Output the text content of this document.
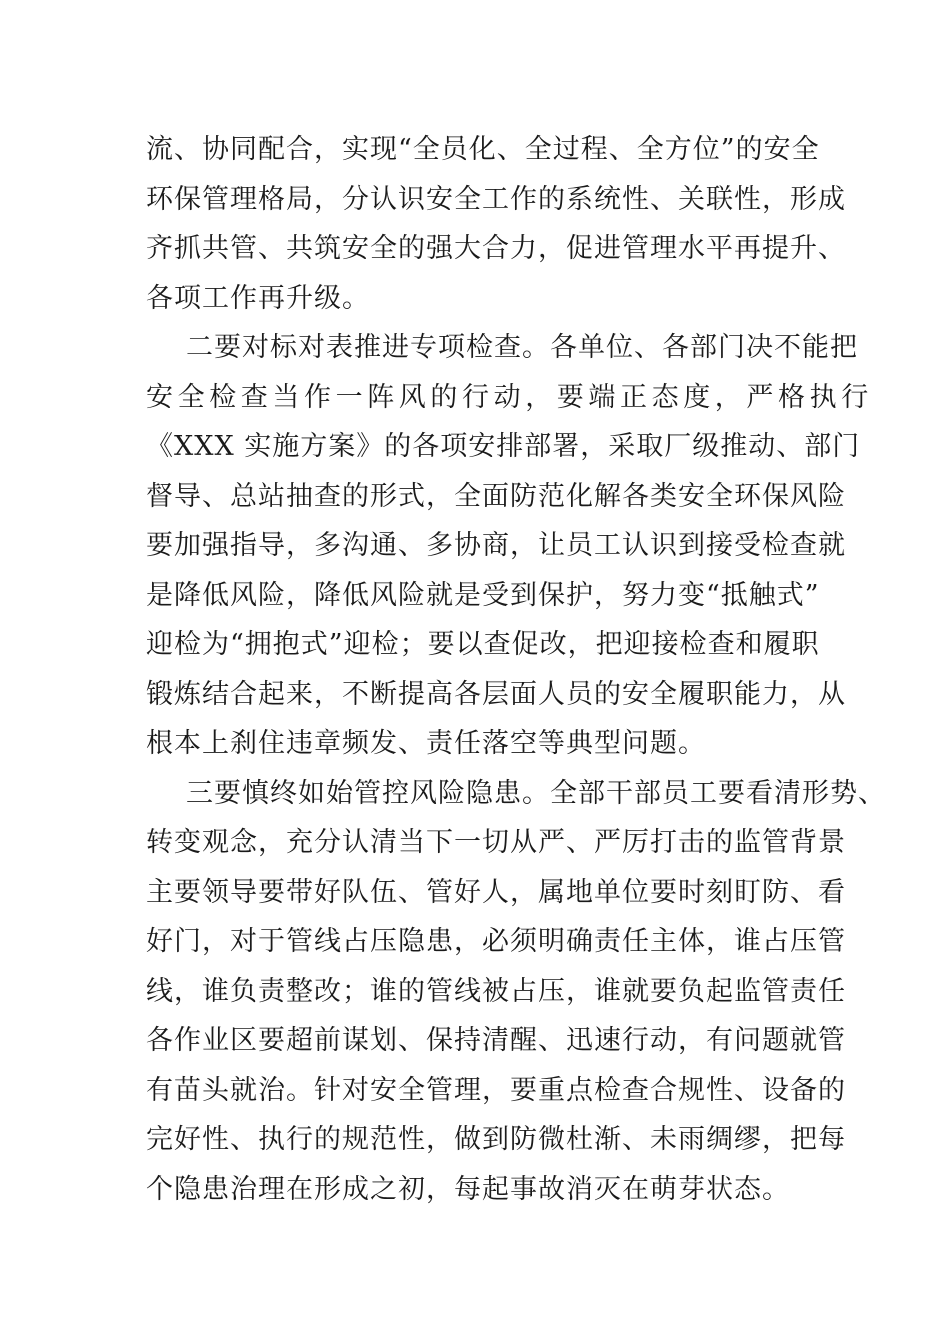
流、协同配合，实现“全员化、全过程、全方位”的安全
环保管理格局，分认识安全工作的系统性、关联性，形成
齐抓共管、共筑安全的强大合力，促进管理水平再提升、
各项工作再升级。
二要对标对表推进专项检查。各单位、各部门决不能把
安全检查当作一阵风的行动，要端正态度，严格执行
《XXX 实施方案》的各项安排部署，采取厂级推动、部门
督导、总站抽查的形式，全面防范化解各类安全环保风险
要加强指导，多沟通、多协商，让员工认识到接受检查就
是降低风险，降低风险就是受到保护，努力变“抵触式”
迎检为“拥抱式”迎检；要以查促改，把迎接检查和履职
锻炼结合起来，不断提高各层面人员的安全履职能力，从
根本上刹住违章频发、责任落空等典型问题。
三要慎终如始管控风险隐患。全部干部员工要看清形势、
转变观念，充分认清当下一切从严、严厉打击的监管背景
主要领导要带好队伍、管好人，属地单位要时刻盯防、看
好门，对于管线占压隐患，必须明确责任主体，谁占压管
线，谁负责整改；谁的管线被占压，谁就要负起监管责任
各作业区要超前谋划、保持清醒、迅速行动，有问题就管
有苗头就治。针对安全管理，要重点检查合规性、设备的
完好性、执行的规范性，做到防微杜渐、未雨绸缪，把每
个隐患治理在形成之初，每起事故消灭在萌芽状态。
